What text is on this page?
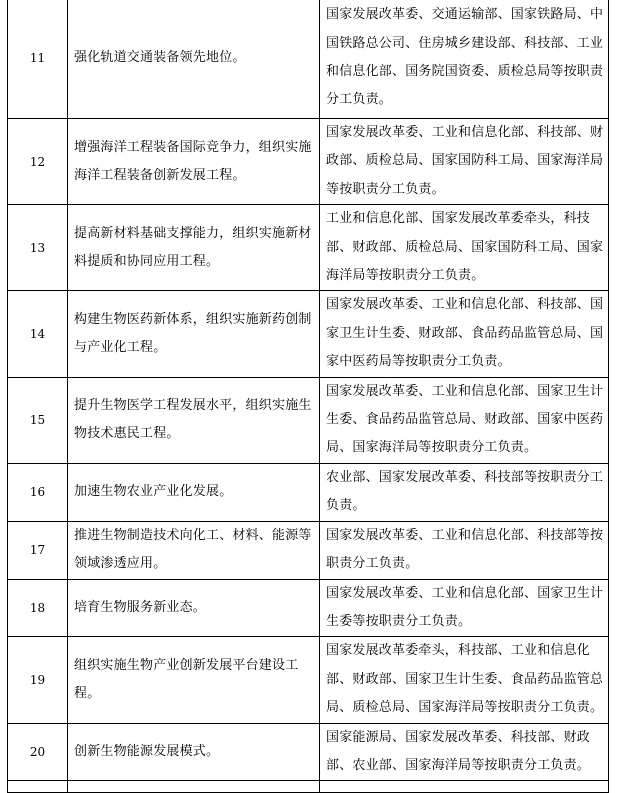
11	强化轨道交通装备领先地位。	国家发展改革委、交通运输部、国家铁路局、中国铁路总公司、住房城乡建设部、科技部、工业和信息化部、国务院国资委、质检总局等按职责分工负责。

12	增强海洋工程装备国际竞争力，组织实施海洋工程装备创新发展工程。	国家发展改革委、工业和信息化部、科技部、财政部、质检总局、国家国防科工局、国家海洋局等按职责分工负责。

13	提高新材料基础支撑能力，组织实施新材料提质和协同应用工程。	工业和信息化部、国家发展改革委牵头，科技部、财政部、质检总局、国家国防科工局、国家海洋局等按职责分工负责。

14	构建生物医药新体系，组织实施新药创制与产业化工程。	国家发展改革委、工业和信息化部、科技部、国家卫生计生委、财政部、食品药品监管总局、国家中医药局等按职责分工负责。

15	提升生物医学工程发展水平，组织实施生物技术惠民工程。	国家发展改革委、工业和信息化部、国家卫生计生委、食品药品监管总局、财政部、国家中医药局、国家海洋局等按职责分工负责。

16	加速生物农业产业化发展。	农业部、国家发展改革委、科技部等按职责分工负责。

17	推进生物制造技术向化工、材料、能源等领域渗透应用。	国家发展改革委、工业和信息化部、科技部等按职责分工负责。

18	培育生物服务新业态。	国家发展改革委、工业和信息化部、国家卫生计生委等按职责分工负责。

19	组织实施生物产业创新发展平台建设工程。	国家发展改革委牵头，科技部、工业和信息化部、财政部、国家卫生计生委、食品药品监管总局、质检总局、国家海洋局等按职责分工负责。

20	创新生物能源发展模式。	国家能源局、国家发展改革委、科技部、财政部、农业部、国家海洋局等按职责分工负责。
